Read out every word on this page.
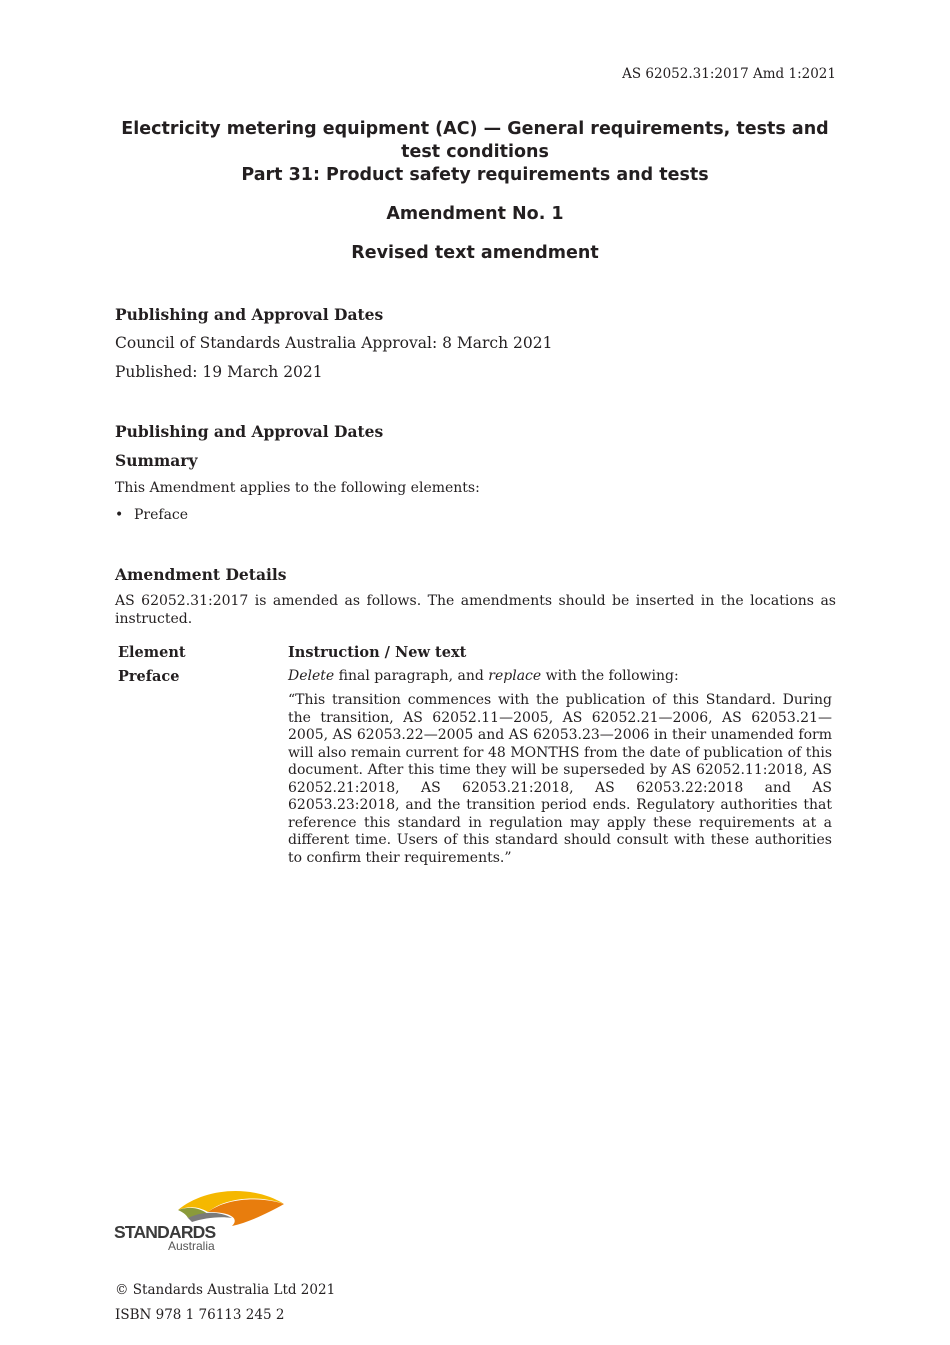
AS 62052.31:2017 Amd 1:2021
Electricity metering equipment (AC) — General requirements, tests and
test conditions
Part 31: Product safety requirements and tests
Amendment No. 1
Revised text amendment
Publishing and Approval Dates
Council of Standards Australia Approval: 8 March 2021
Published: 19 March 2021
Publishing and Approval Dates
Summary
This Amendment applies to the following elements:
• Preface
Amendment Details
AS 62052.31:2017 is amended as follows. The amendments should be inserted in the locations as instructed.
Element	Instruction / New text
Preface	Delete final paragraph, and replace with the following:
“This transition commences with the publication of this Standard. During the transition, AS 62052.11—2005, AS 62052.21—2006, AS 62053.21—2005, AS 62053.22—2005 and AS 62053.23—2006 in their unamended form will also remain current for 48 MONTHS from the date of publication of this document. After this time they will be superseded by AS 62052.11:2018, AS 62052.21:2018, AS 62053.21:2018, AS 62053.22:2018 and AS 62053.23:2018, and the transition period ends. Regulatory authorities that reference this standard in regulation may apply these requirements at a different time. Users of this standard should consult with these authorities to confirm their requirements.”
STANDARDS
Australia
© Standards Australia Ltd 2021
ISBN 978 1 76113 245 2
